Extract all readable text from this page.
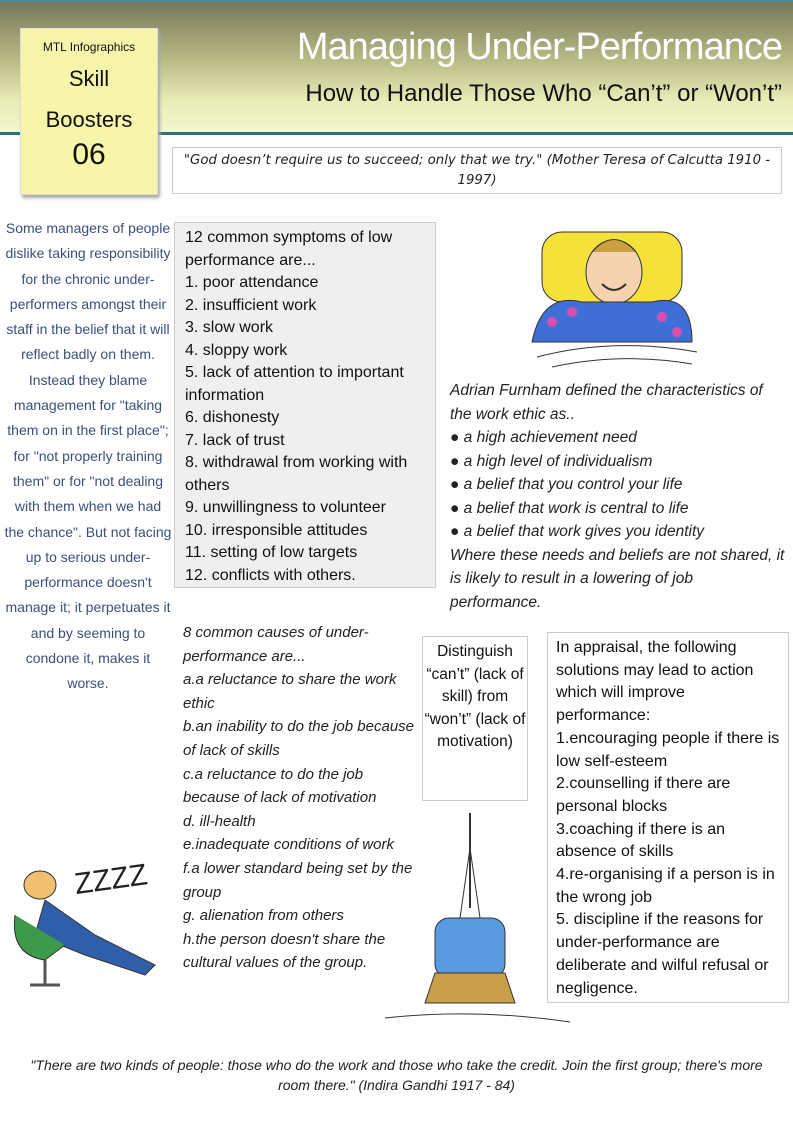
MTL Infographics
Skill
Boosters
06
Managing Under-Performance
How to Handle Those Who “Can’t” or “Won’t”
"God doesn’t require us to succeed; only that we try." (Mother Teresa of Calcutta 1910 - 1997)
Some managers of people dislike taking responsibility for the chronic under-performers amongst their staff in the belief that it will reflect badly on them. Instead they blame management for "taking them on in the first place"; for "not properly training them" or for "not dealing with them when we had the chance". But not facing up to serious under-performance doesn't manage it; it perpetuates it and by seeming to condone it, makes it worse.
12 common symptoms of low performance are...
1. poor attendance
2. insufficient work
3. slow work
4. sloppy work
5. lack of attention to important information
6. dishonesty
7. lack of trust
8. withdrawal from working with others
9. unwillingness to volunteer
10. irresponsible attitudes
11. setting of low targets
12. conflicts with others.
Adrian Furnham defined the characteristics of the work ethic as..
● a high achievement need
● a high level of individualism
● a belief that you control your life
● a belief that work is central to life
● a belief that work gives you identity
Where these needs and beliefs are not shared, it is likely to result in a lowering of job performance.
8 common causes of under-performance are...
a.a reluctance to share the work ethic
b.an inability to do the job because of lack of skills
c.a reluctance to do the job because of lack of motivation
d. ill-health
e.inadequate conditions of work
f.a lower standard being set by the group
g. alienation from others
h.the person doesn't share the cultural values of the group.
Distinguish “can’t” (lack of skill) from “won’t” (lack of motivation)
In appraisal, the following solutions may lead to action which will improve performance:
1.encouraging people if there is low self-esteem
2.counselling if there are personal blocks
3.coaching if there is an absence of skills
4.re-organising if a person is in the wrong job
5. discipline if the reasons for under-performance are deliberate and wilful refusal or negligence.
ZZZZ
"There are two kinds of people: those who do the work and those who take the credit. Join the first group; there's more room there." (Indira Gandhi 1917 - 84)
